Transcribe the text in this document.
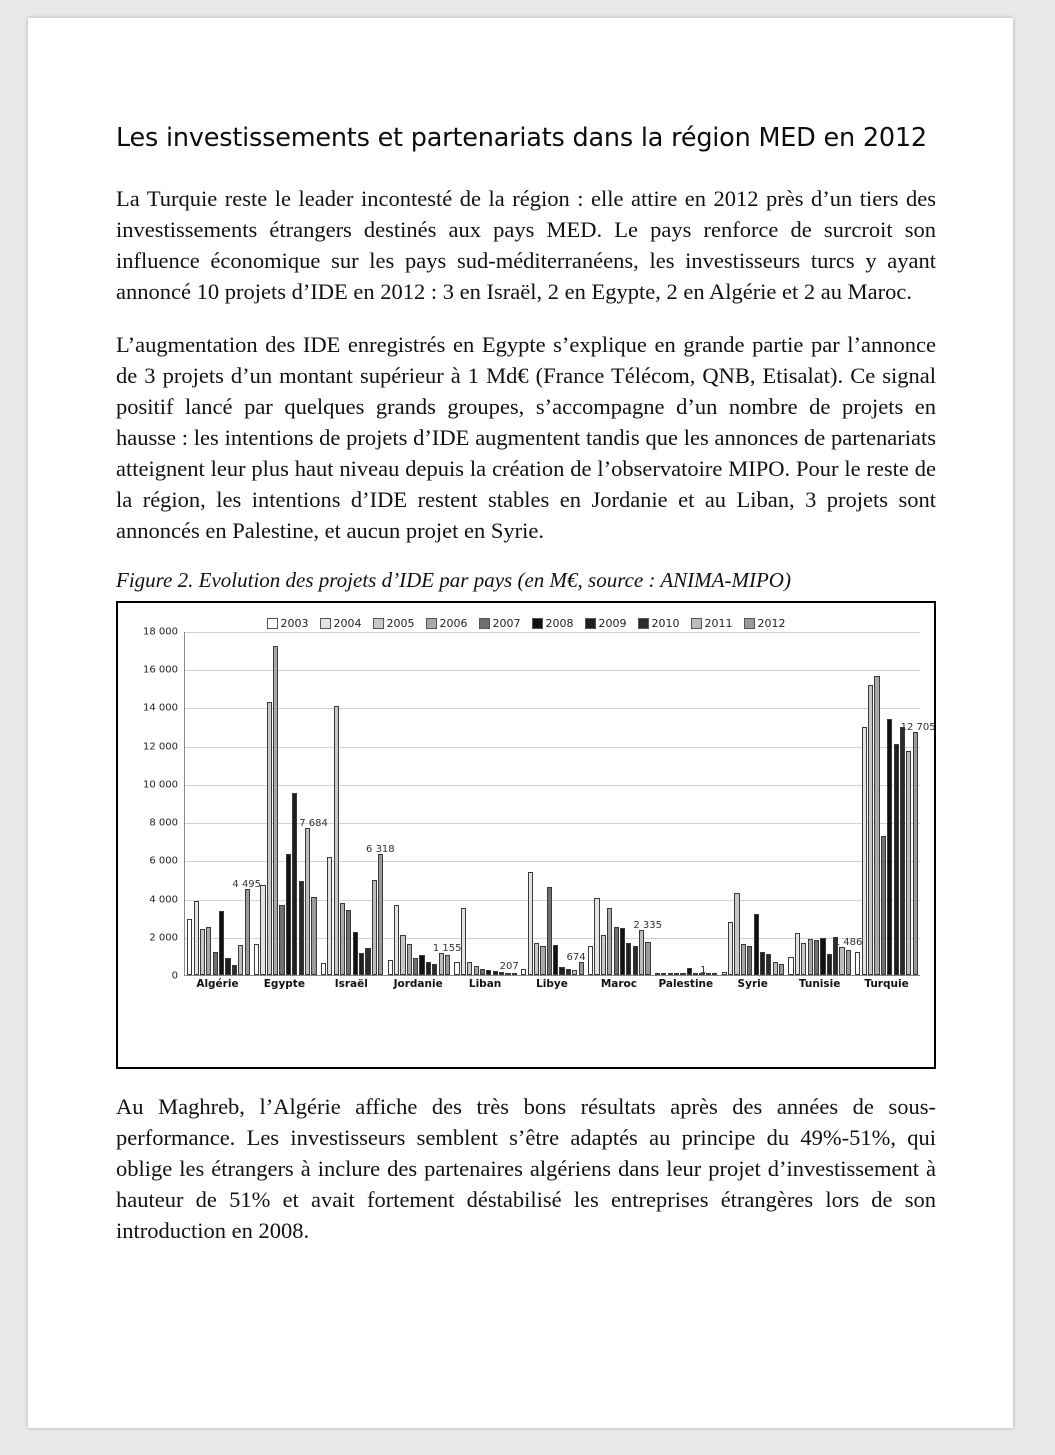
Les investissements et partenariats dans la région MED en 2012

La Turquie reste le leader incontesté de la région : elle attire en 2012 près d’un tiers des investissements étrangers destinés aux pays MED. Le pays renforce de surcroit son influence économique sur les pays sud-méditerranéens, les investisseurs turcs y ayant annoncé 10 projets d’IDE en 2012 : 3 en Israël, 2 en Egypte, 2 en Algérie et 2 au Maroc.

L’augmentation des IDE enregistrés en Egypte s’explique en grande partie par l’annonce de 3 projets d’un montant supérieur à 1 Md€ (France Télécom, QNB, Etisalat). Ce signal positif lancé par quelques grands groupes, s’accompagne d’un nombre de projets en hausse : les intentions de projets d’IDE augmentent tandis que les annonces de partenariats atteignent leur plus haut niveau depuis la création de l’observatoire MIPO. Pour le reste de la région, les intentions d’IDE restent stables en Jordanie et au Liban, 3 projets sont annoncés en Palestine, et aucun projet en Syrie.

Figure 2. Evolution des projets d’IDE par pays (en M€, source : ANIMA-MIPO)
2003 2004 2005 2006 2007 2008 2009 2010 2011 2012
18 000
16 000
14 000
12 000
10 000
8 000
6 000
4 000
2 000
0
4 495
7 684
6 318
1 155
207
674
2 335
1
1 486
12 705
Algérie	Egypte	Israël	Jordanie	Liban	Libye	Maroc	Palestine	Syrie	Tunisie	Turquie

Au Maghreb, l’Algérie affiche des très bons résultats après des années de sous-performance. Les investisseurs semblent s’être adaptés au principe du 49%-51%, qui oblige les étrangers à inclure des partenaires algériens dans leur projet d’investissement à hauteur de 51% et avait fortement déstabilisé les entreprises étrangères lors de son introduction en 2008.
